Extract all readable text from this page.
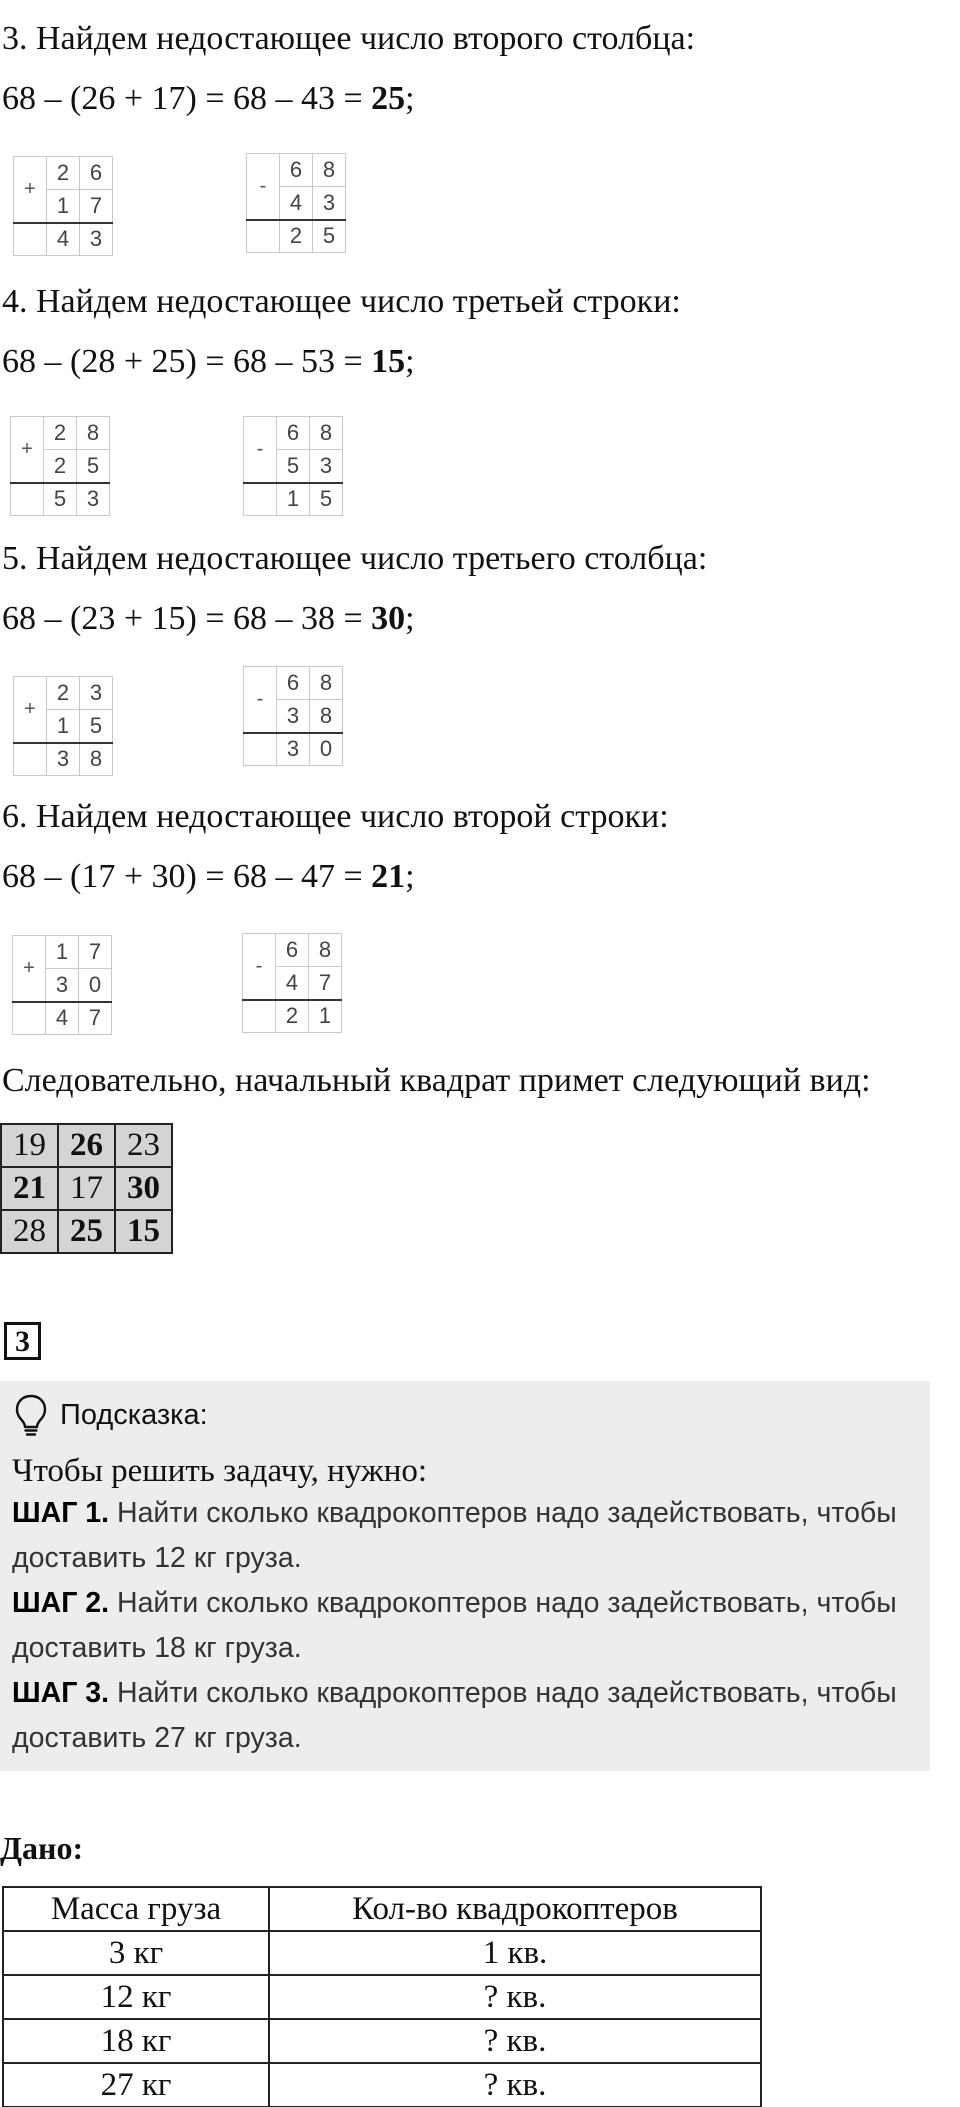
3. Найдем недостающее число второго столбца:
68 – (26 + 17) = 68 – 43 = 25;
+	2	6
	1	7
	4	3
-	6	8
	4	3
	2	5
4. Найдем недостающее число третьей строки:
68 – (28 + 25) = 68 – 53 = 15;
+	2	8
	2	5
	5	3
-	6	8
	5	3
	1	5
5. Найдем недостающее число третьего столбца:
68 – (23 + 15) = 68 – 38 = 30;
+	2	3
	1	5
	3	8
-	6	8
	3	8
	3	0
6. Найдем недостающее число второй строки:
68 – (17 + 30) = 68 – 47 = 21;
+	1	7
	3	0
	4	7
-	6	8
	4	7
	2	1
Следовательно, начальный квадрат примет следующий вид:
19	26	23
21	17	30
28	25	15
3
Подсказка:
Чтобы решить задачу, нужно:
ШАГ 1. Найти сколько квадрокоптеров надо задействовать, чтобы доставить 12 кг груза.
ШАГ 2. Найти сколько квадрокоптеров надо задействовать, чтобы доставить 18 кг груза.
ШАГ 3. Найти сколько квадрокоптеров надо задействовать, чтобы доставить 27 кг груза.
Дано:
Масса груза	Кол-во квадрокоптеров
3 кг	1 кв.
12 кг	? кв.
18 кг	? кв.
27 кг	? кв.
